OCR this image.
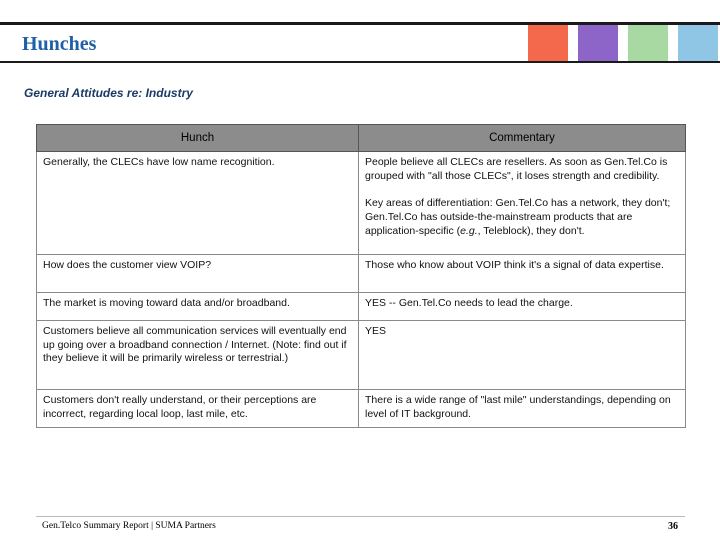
Hunches
General Attitudes re: Industry
Hunch	Commentary
Generally, the CLECs have low name recognition.	People believe all CLECs are resellers. As soon as Gen.Tel.Co is grouped with "all those CLECs", it loses strength and credibility.

Key areas of differentiation: Gen.Tel.Co has a network, they don't; Gen.Tel.Co has outside-the-mainstream products that are application-specific (e.g., Teleblock), they don't.

How does the customer view VOIP?	Those who know about VOIP think it's a signal of data expertise.

The market is moving toward data and/or broadband.	YES -- Gen.Tel.Co needs to lead the charge.

Customers believe all communication services will eventually end up going over a broadband connection / Internet. (Note: find out if they believe it will be primarily wireless or terrestrial.)	YES

Customers don't really understand, or their perceptions are incorrect, regarding local loop, last mile, etc.	There is a wide range of "last mile" understandings, depending on level of IT background.

Gen.Telco Summary Report | SUMA Partners	36
